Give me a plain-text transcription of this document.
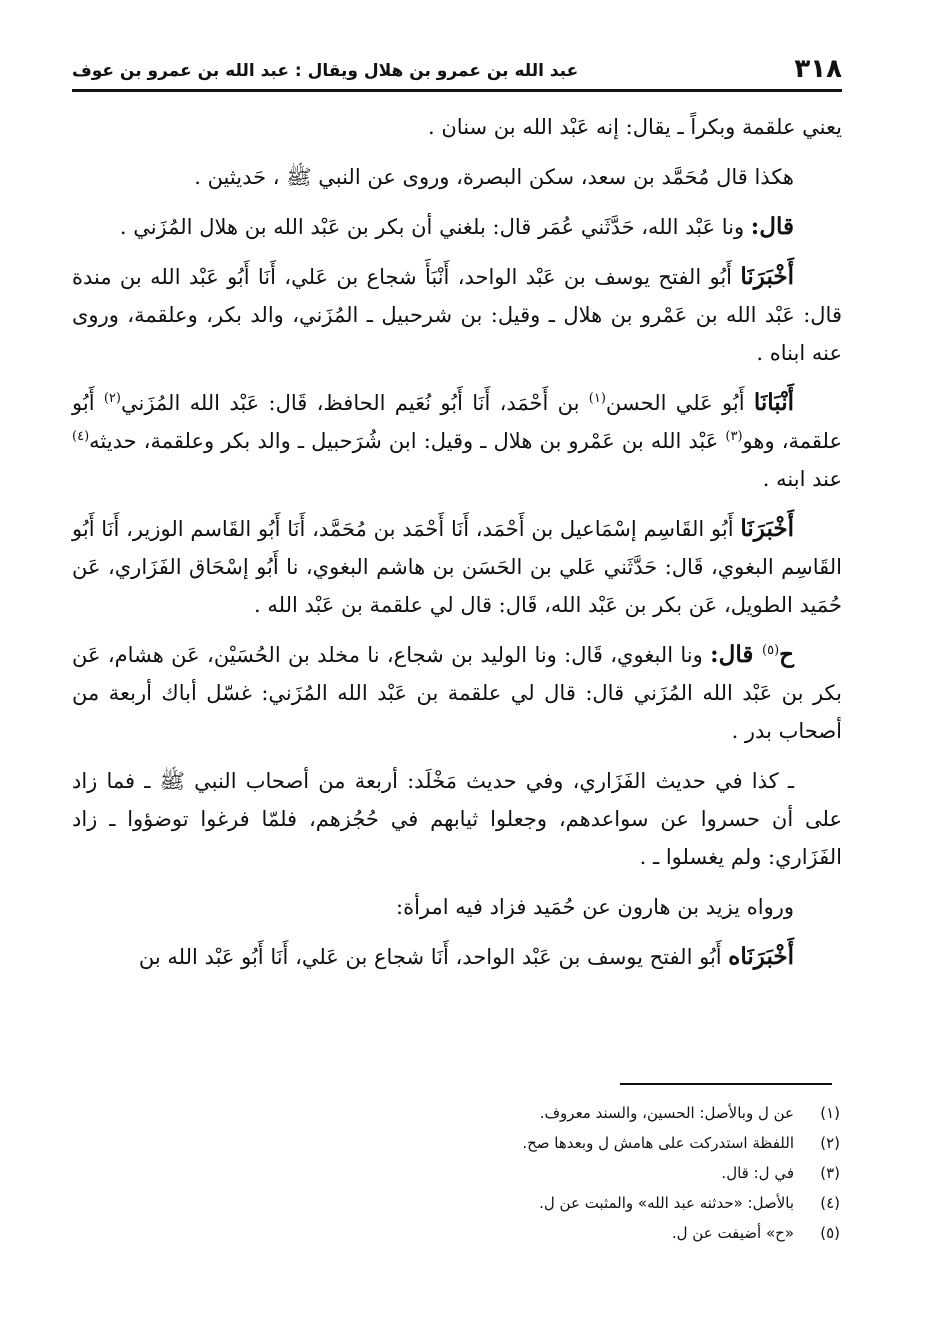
٣١٨
عبد الله بن عمرو بن هلال ويقال : عبد الله بن عمرو بن عوف

يعني علقمة وبكراً ـ يقال: إنه عَبْد الله بن سنان .

هكذا قال مُحَمَّد بن سعد، سكن البصرة، وروى عن النبي ﷺ ، حَديثين .

قال: ونا عَبْد الله، حَدَّثَني عُمَر قال: بلغني أن بكر بن عَبْد الله بن هلال المُزَني .

أَخْبَرَنَا أَبُو الفتح يوسف بن عَبْد الواحد، أَنْبَأَ شجاع بن عَلي، أَنَا أَبُو عَبْد الله بن مندة قال: عَبْد الله بن عَمْرو بن هلال ـ وقيل: بن شرحبيل ـ المُزَني، والد بكر، وعلقمة، وروى عنه ابناه .

أَنْبَانَا أَبُو عَلي الحسن$^{(١)}$ بن أَحْمَد، أَنَا أَبُو نُعَيم الحافظ، قَال: عَبْد الله المُزَني$^{(٢)}$ أَبُو علقمة، وهو$^{(٣)}$ عَبْد الله بن عَمْرو بن هلال ـ وقيل: ابن شُرَحبيل ـ والد بكر وعلقمة، حديثه$^{(٤)}$ عند ابنه .

أَخْبَرَنَا أَبُو القَاسِم إسْمَاعيل بن أَحْمَد، أَنَا أَحْمَد بن مُحَمَّد، أَنَا أَبُو القَاسم الوزير، أَنَا أَبُو القَاسِم البغوي، قَال: حَدَّثَني عَلي بن الحَسَن بن هاشم البغوي، نا أَبُو إسْحَاق الفَزَاري، عَن حُمَيد الطويل، عَن بكر بن عَبْد الله، قَال: قال لي علقمة بن عَبْد الله .

ح$^{(٥)}$ قال: ونا البغوي، قَال: ونا الوليد بن شجاع، نا مخلد بن الحُسَيْن، عَن هشام، عَن بكر بن عَبْد الله المُزَني قال: قال لي علقمة بن عَبْد الله المُزَني: غسّل أباك أربعة من أصحاب بدر .

ـ كذا في حديث الفَزَاري، وفي حديث مَخْلَد: أربعة من أصحاب النبي ﷺ ـ فما زاد على أن حسروا عن سواعدهم، وجعلوا ثيابهم في حُجُزهم، فلمّا فرغوا توضؤوا ـ زاد الفَزَاري: ولم يغسلوا ـ .

ورواه يزيد بن هارون عن حُمَيد فزاد فيه امرأة:

أَخْبَرَنَاه أَبُو الفتح يوسف بن عَبْد الواحد، أَنَا شجاع بن عَلي، أَنَا أَبُو عَبْد الله بن

(١)
عن ل وبالأصل: الحسين، والسند معروف.
(٢)
اللفظة استدركت على هامش ل وبعدها صح.
(٣)
في ل: قال.
(٤)
بالأصل: «حدثنه عبد الله» والمثبت عن ل.
(٥)
«ح» أضيفت عن ل.
